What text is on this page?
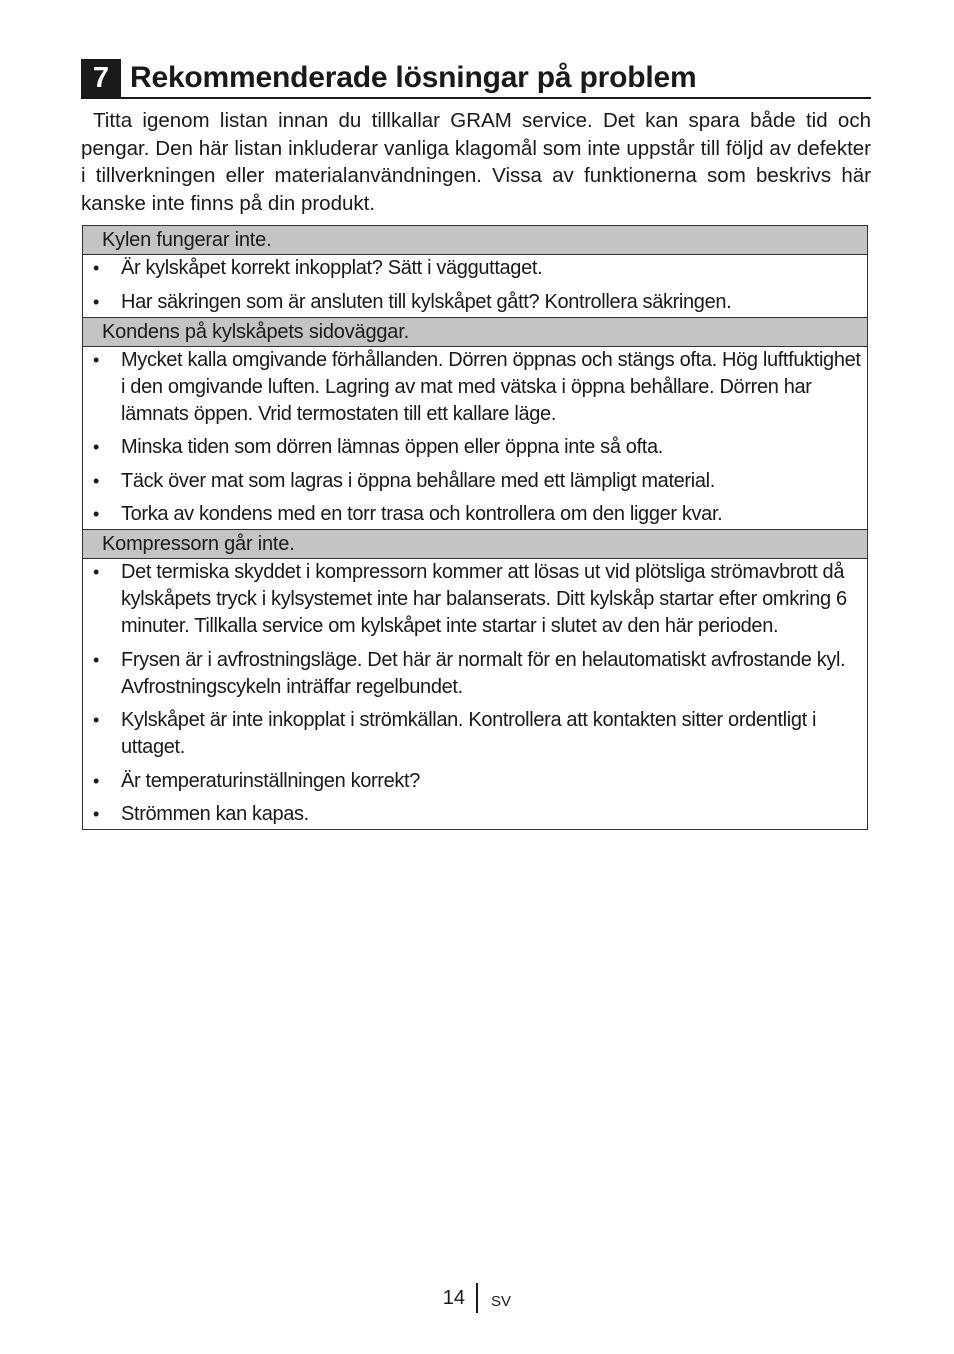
7 Rekommenderade lösningar på problem

Titta igenom listan innan du tillkallar GRAM service. Det kan spara både tid och pengar. Den här listan inkluderar vanliga klagomål som inte uppstår till följd av defekter i tillverkningen eller materialanvändningen. Vissa av funktionerna som beskrivs här kanske inte finns på din produkt.

Kylen fungerar inte.
• Är kylskåpet korrekt inkopplat? Sätt i vägguttaget.
• Har säkringen som är ansluten till kylskåpet gått? Kontrollera säkringen.
Kondens på kylskåpets sidoväggar.
• Mycket kalla omgivande förhållanden. Dörren öppnas och stängs ofta. Hög luftfuktighet i den omgivande luften. Lagring av mat med vätska i öppna behållare. Dörren har lämnats öppen. Vrid termostaten till ett kallare läge.
• Minska tiden som dörren lämnas öppen eller öppna inte så ofta.
• Täck över mat som lagras i öppna behållare med ett lämpligt material.
• Torka av kondens med en torr trasa och kontrollera om den ligger kvar.
Kompressorn går inte.
• Det termiska skyddet i kompressorn kommer att lösas ut vid plötsliga strömavbrott då kylskåpets tryck i kylsystemet inte har balanserats. Ditt kylskåp startar efter omkring 6 minuter. Tillkalla service om kylskåpet inte startar i slutet av den här perioden.
• Frysen är i avfrostningsläge. Det här är normalt för en helautomatiskt avfrostande kyl. Avfrostningscykeln inträffar regelbundet.
• Kylskåpet är inte inkopplat i strömkällan. Kontrollera att kontakten sitter ordentligt i uttaget.
• Är temperaturinställningen korrekt?
• Strömmen kan kapas.
14 SV
